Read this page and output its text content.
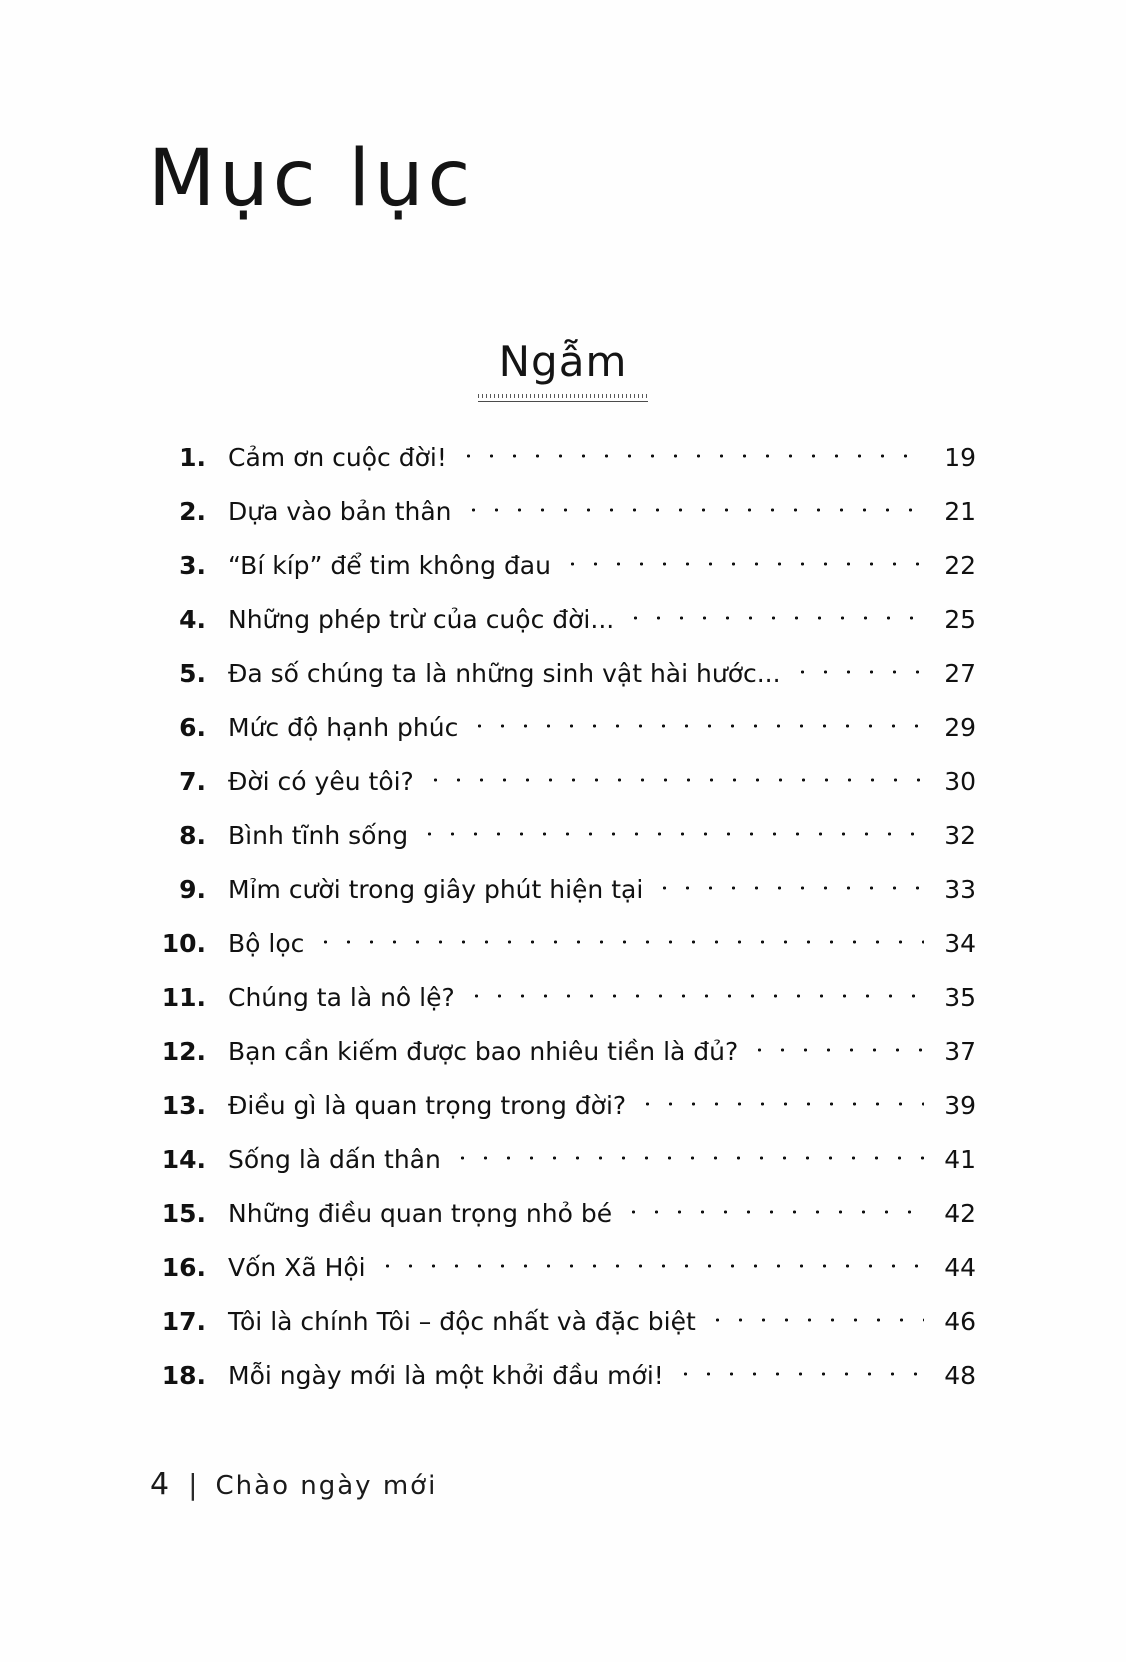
Mục lục
Ngẫm
1. Cảm ơn cuộc đời!	19
2. Dựa vào bản thân	21
3. “Bí kíp” để tim không đau	22
4. Những phép trừ của cuộc đời...	25
5. Đa số chúng ta là những sinh vật hài hước...	27
6. Mức độ hạnh phúc	29
7. Đời có yêu tôi?	30
8. Bình tĩnh sống	32
9. Mỉm cười trong giây phút hiện tại	33
10. Bộ lọc	34
11. Chúng ta là nô lệ?	35
12. Bạn cần kiếm được bao nhiêu tiền là đủ?	37
13. Điều gì là quan trọng trong đời?	39
14. Sống là dấn thân	41
15. Những điều quan trọng nhỏ bé	42
16. Vốn Xã Hội	44
17. Tôi là chính Tôi – độc nhất và đặc biệt	46
18. Mỗi ngày mới là một khởi đầu mới!	48
4 | Chào ngày mới
